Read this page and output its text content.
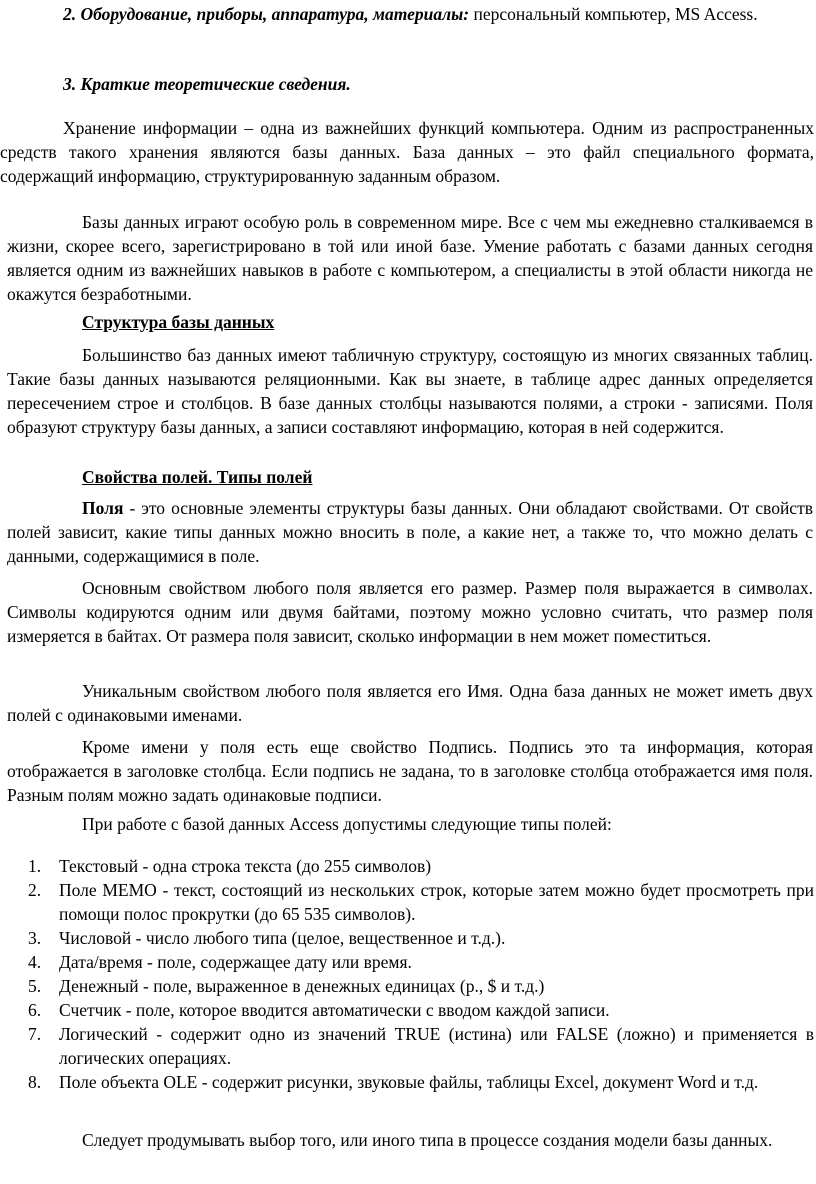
2. Оборудование, приборы, аппаратура, материалы: персональный компьютер, MS Access.

3. Краткие теоретические сведения.

Хранение информации – одна из важнейших функций компьютера. Одним из распространенных средств такого хранения являются базы данных. База данных – это файл специального формата, содержащий информацию, структурированную заданным образом.

Базы данных играют особую роль в современном мире. Все с чем мы ежедневно сталкиваемся в жизни, скорее всего, зарегистрировано в той или иной базе. Умение работать с базами данных сегодня является одним из важнейших навыков в работе с компьютером, а специалисты в этой области никогда не окажутся безработными.

Структура базы данных

Большинство баз данных имеют табличную структуру, состоящую из многих связанных таблиц. Такие базы данных называются реляционными. Как вы знаете, в таблице адрес данных определяется пересечением строе и столбцов. В базе данных столбцы называются полями, а строки - записями. Поля образуют структуру базы данных, а записи составляют информацию, которая в ней содержится.

Свойства полей. Типы полей

Поля - это основные элементы структуры базы данных. Они обладают свойствами. От свойств полей зависит, какие типы данных можно вносить в поле, а какие нет, а также то, что можно делать с данными, содержащимися в поле.

Основным свойством любого поля является его размер. Размер поля выражается в символах. Символы кодируются одним или двумя байтами, поэтому можно условно считать, что размер поля измеряется в байтах. От размера поля зависит, сколько информации в нем может поместиться.

Уникальным свойством любого поля является его Имя. Одна база данных не может иметь двух полей с одинаковыми именами.

Кроме имени у поля есть еще свойство Подпись. Подпись это та информация, которая отображается в заголовке столбца. Если подпись не задана, то в заголовке столбца отображается имя поля. Разным полям можно задать одинаковые подписи.

При работе с базой данных Access допустимы следующие типы полей:

1. Текстовый - одна строка текста (до 255 символов)
2. Поле MEMO - текст, состоящий из нескольких строк, которые затем можно будет просмотреть при помощи полос прокрутки (до 65 535 символов).
3. Числовой - число любого типа (целое, вещественное и т.д.).
4. Дата/время - поле, содержащее дату или время.
5. Денежный - поле, выраженное в денежных единицах (р., $ и т.д.)
6. Счетчик - поле, которое вводится автоматически с вводом каждой записи.
7. Логический - содержит одно из значений TRUE (истина) или FALSE (ложно) и применяется в логических операциях.
8. Поле объекта OLE - содержит рисунки, звуковые файлы, таблицы Excel, документ Word и т.д.

Следует продумывать выбор того, или иного типа в процессе создания модели базы данных.
